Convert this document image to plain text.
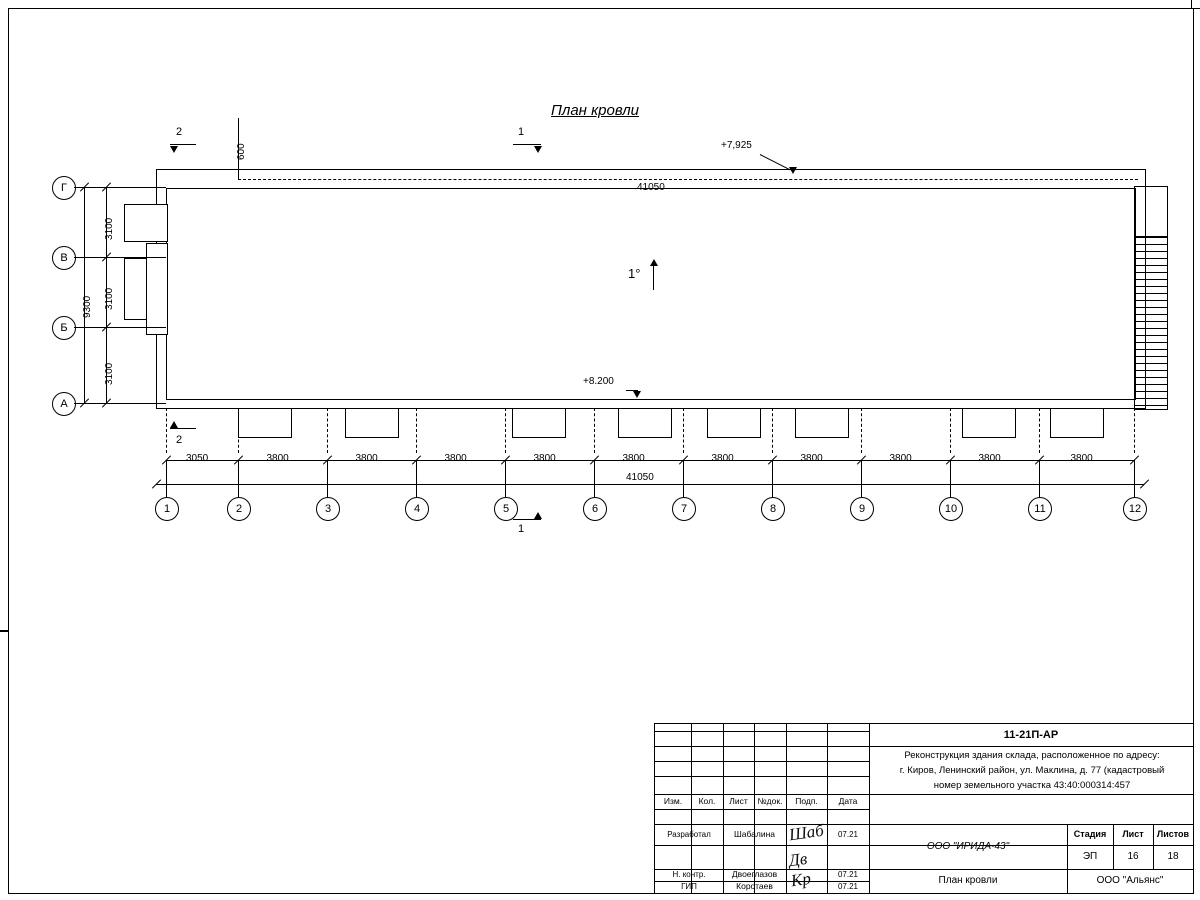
План кровли
41050
+7,925
+8.200
1°
2	1
2
1
600
Г
В
Б
А
3100
3100
3100
9300
1
3050
2
3800
3
3800
4
3800
5
3800
6
3800
7
3800
8
3800
9
3800
10
3800
11
3800
12
41050
11-21П-АР
Реконструкция здания склада, расположенное по адресу:
г. Киров, Ленинский район, ул. Маклина, д. 77 (кадастровый
номер земельного участка 43:40:000314:457
Изм.	Кол.	Лист	№док.	Подп.	Дата
Разработал	Шабалина	07.21
Н. контр.	Двоеглазов	07.21
ГИП	Коротаев	07.21
Шаб
Дв
Кр
ООО "ИРИДА-43"
Стадия	Лист	Листов
ЭП	16	18
План кровли	ООО "Альянс"
